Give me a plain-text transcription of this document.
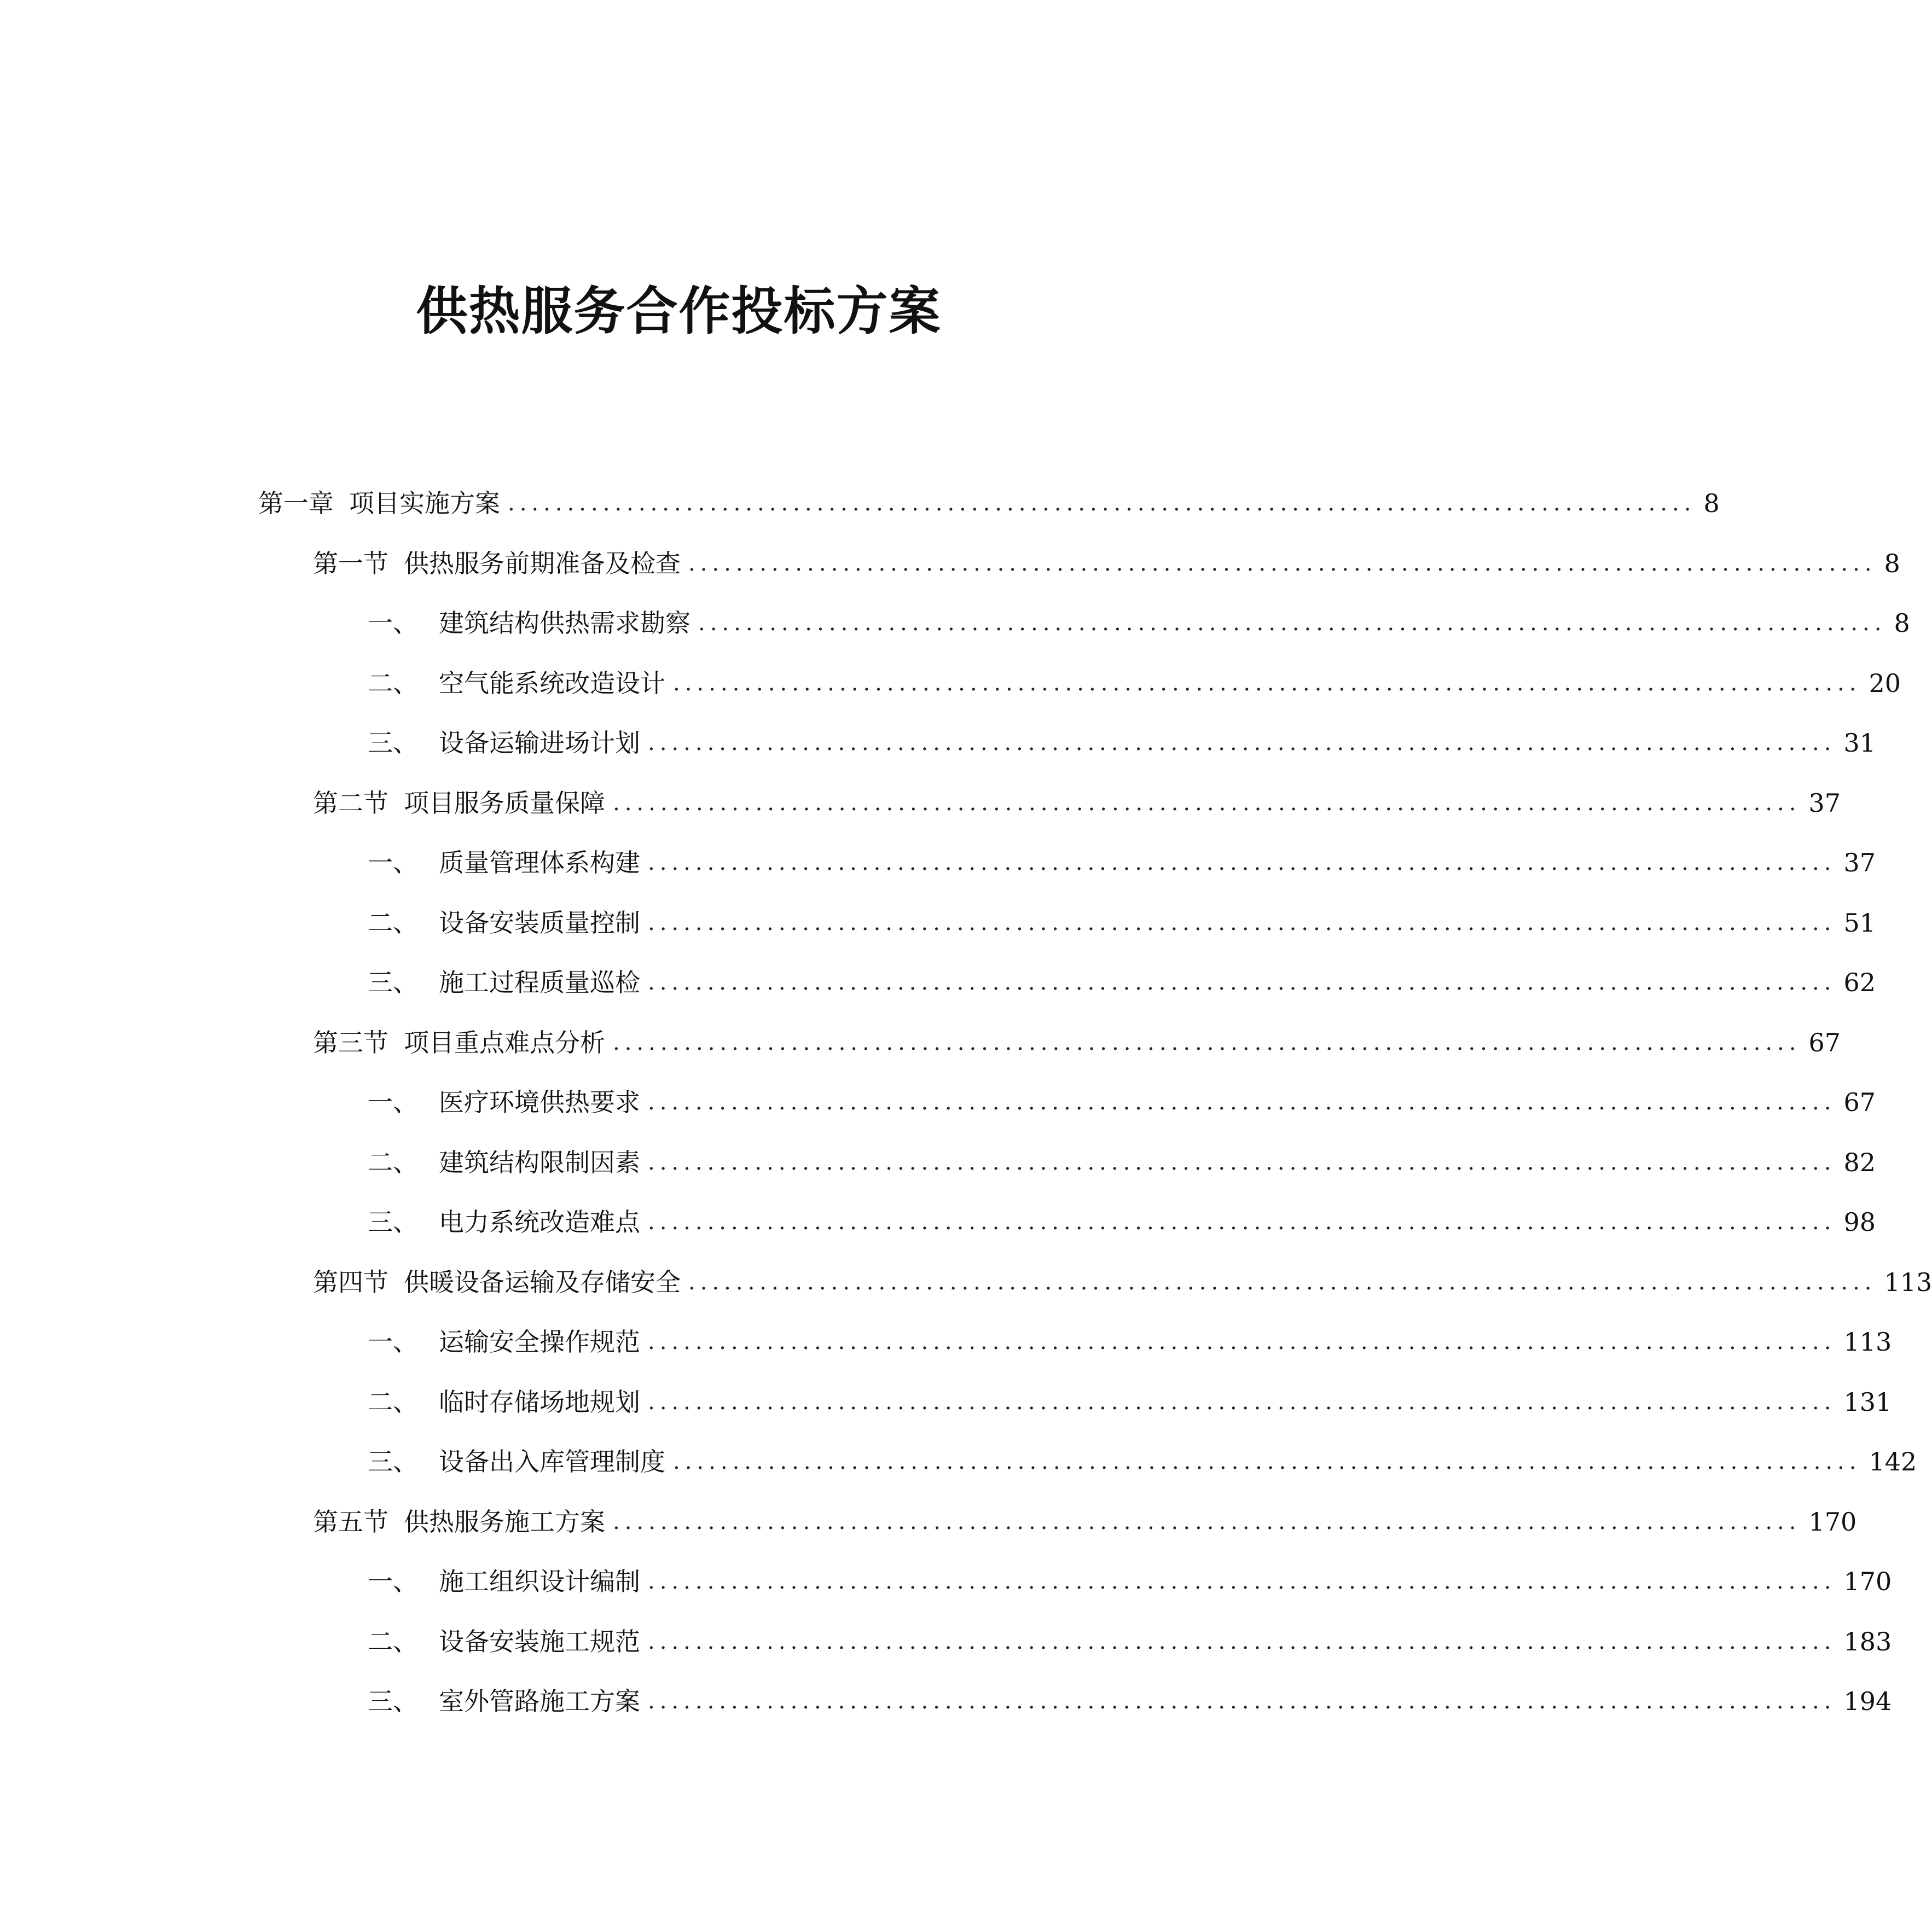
供热服务合作投标方案
第一章 项目实施方案 .................................................................................................... 8
第一节 供热服务前期准备及检查 .................................................................................................... 8
一、 建筑结构供热需求勘察 .................................................................................................... 8
二、 空气能系统改造设计 .................................................................................................... 20
三、 设备运输进场计划 .................................................................................................... 31
第二节 项目服务质量保障 .................................................................................................... 37
一、 质量管理体系构建 .................................................................................................... 37
二、 设备安装质量控制 .................................................................................................... 51
三、 施工过程质量巡检 .................................................................................................... 62
第三节 项目重点难点分析 .................................................................................................... 67
一、 医疗环境供热要求 .................................................................................................... 67
二、 建筑结构限制因素 .................................................................................................... 82
三、 电力系统改造难点 .................................................................................................... 98
第四节 供暖设备运输及存储安全 .................................................................................................... 113
一、 运输安全操作规范 .................................................................................................... 113
二、 临时存储场地规划 .................................................................................................... 131
三、 设备出入库管理制度 .................................................................................................... 142
第五节 供热服务施工方案 .................................................................................................... 170
一、 施工组织设计编制 .................................................................................................... 170
二、 设备安装施工规范 .................................................................................................... 183
三、 室外管路施工方案 .................................................................................................... 194
